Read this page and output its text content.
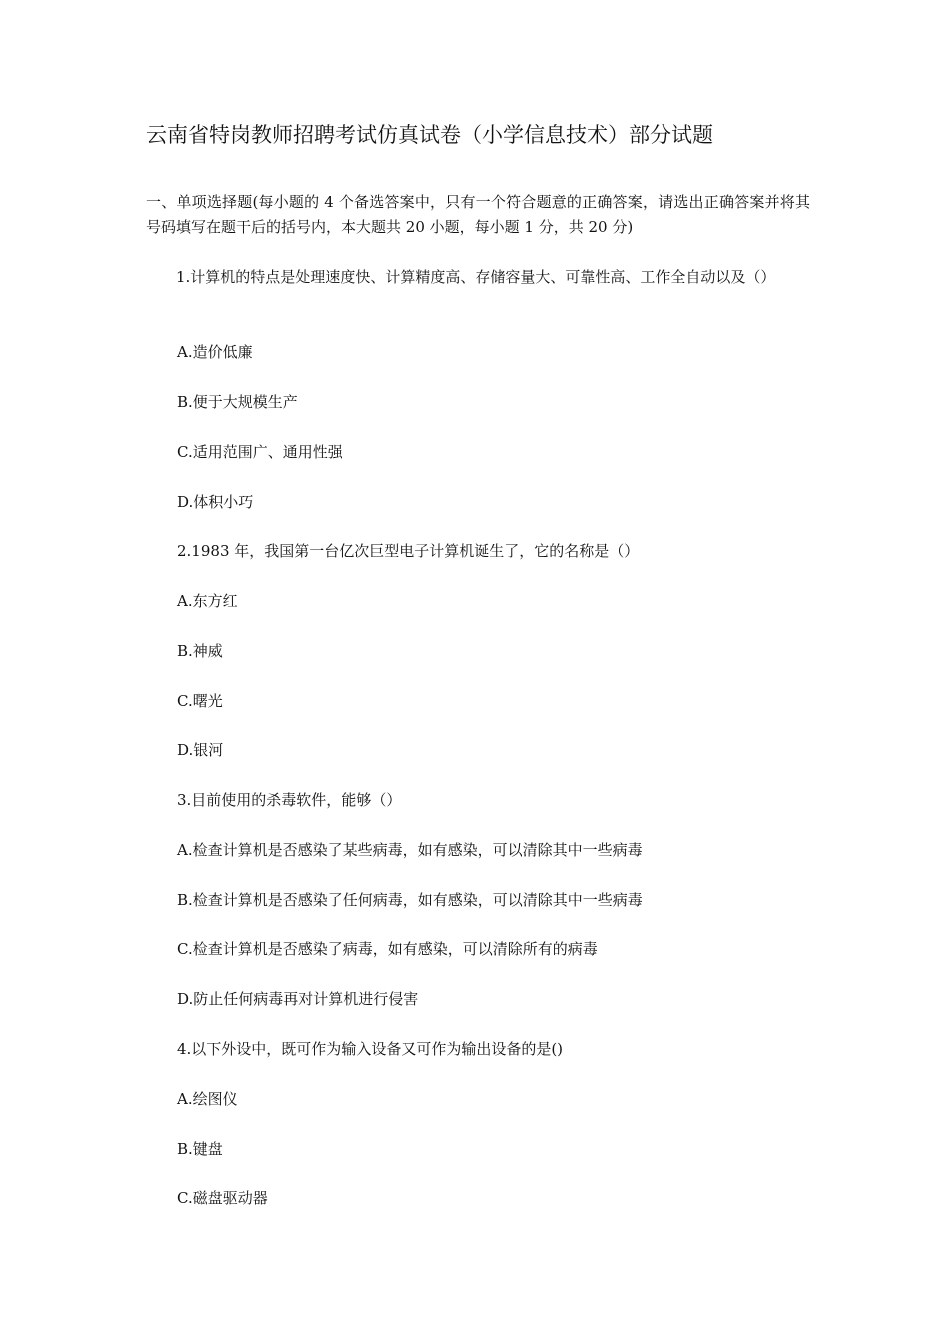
云南省特岗教师招聘考试仿真试卷（小学信息技术）部分试题
一、单项选择题(每小题的 4 个备选答案中，只有一个符合题意的正确答案，请选出正确答案并将其号码填写在题干后的括号内，本大题共 20 小题，每小题 1 分，共 20 分)
1.计算机的特点是处理速度快、计算精度高、存储容量大、可靠性高、工作全自动以及（）
A.造价低廉
B.便于大规模生产
C.适用范围广、通用性强
D.体积小巧
2.1983 年，我国第一台亿次巨型电子计算机诞生了，它的名称是（）
A.东方红
B.神威
C.曙光
D.银河
3.目前使用的杀毒软件，能够（）
A.检查计算机是否感染了某些病毒，如有感染，可以清除其中一些病毒
B.检查计算机是否感染了任何病毒，如有感染，可以清除其中一些病毒
C.检查计算机是否感染了病毒，如有感染，可以清除所有的病毒
D.防止任何病毒再对计算机进行侵害
4.以下外设中，既可作为输入设备又可作为输出设备的是()
A.绘图仪
B.键盘
C.磁盘驱动器
